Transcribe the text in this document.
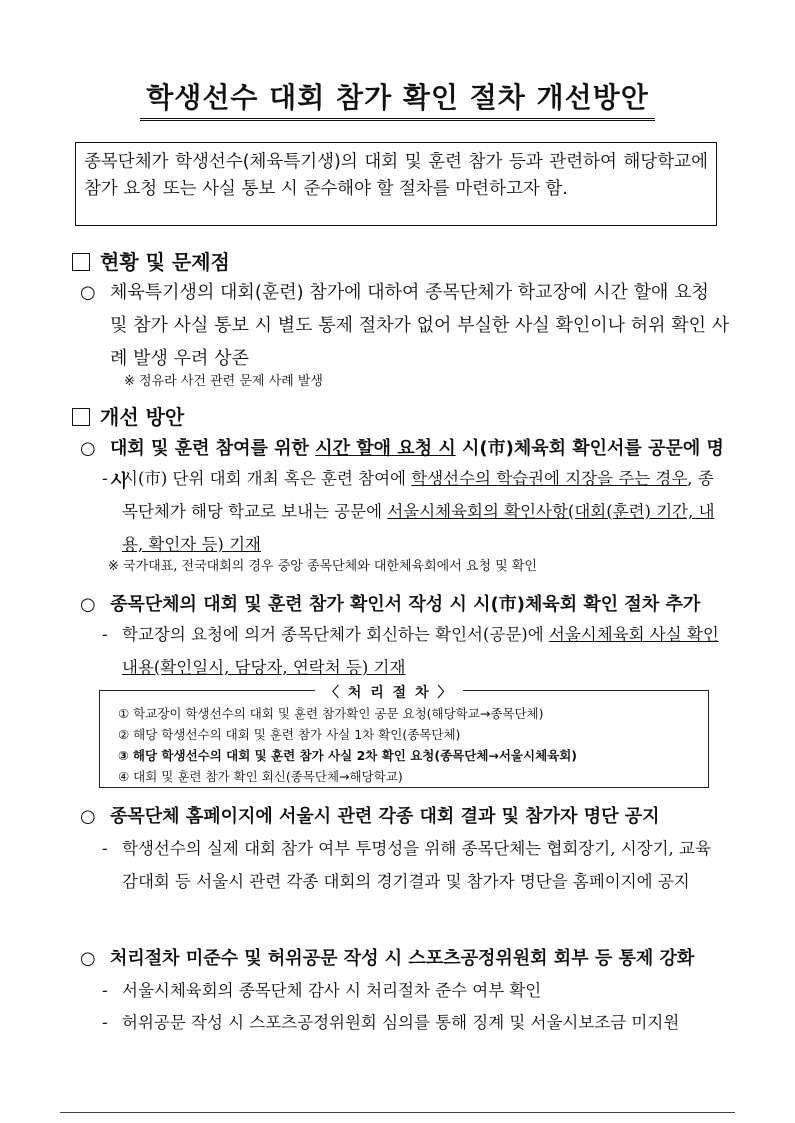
학생선수 대회 참가 확인 절차 개선방안
종목단체가 학생선수(체육특기생)의 대회 및 훈련 참가 등과 관련하여 해당학교에 참가 요청 또는 사실 통보 시 준수해야 할 절차를 마련하고자 함.
현황 및 문제점
○ 체육특기생의 대회(훈련) 참가에 대하여 종목단체가 학교장에 시간 할애 요청 및 참가 사실 통보 시 별도 통제 절차가 없어 부실한 사실 확인이나 허위 확인 사례 발생 우려 상존
※ 정유라 사건 관련 문제 사례 발생
개선 방안
○ 대회 및 훈련 참여를 위한 시간 할애 요청 시 시(市)체육회 확인서를 공문에 명시
- 시(市) 단위 대회 개최 혹은 훈련 참여에 학생선수의 학습권에 지장을 주는 경우, 종목단체가 해당 학교로 보내는 공문에 서울시체육회의 확인사항(대회(훈련) 기간, 내용, 확인자 등) 기재
※ 국가대표, 전국대회의 경우 중앙 종목단체와 대한체육회에서 요청 및 확인
○ 종목단체의 대회 및 훈련 참가 확인서 작성 시 시(市)체육회 확인 절차 추가
- 학교장의 요청에 의거 종목단체가 회신하는 확인서(공문)에 서울시체육회 사실 확인내용(확인일시, 담당자, 연락처 등) 기재
〈 처 리 절 차 〉
① 학교장이 학생선수의 대회 및 훈련 참가확인 공문 요청(해당학교→종목단체)
② 해당 학생선수의 대회 및 훈련 참가 사실 1차 확인(종목단체)
③ 해당 학생선수의 대회 및 훈련 참가 사실 2차 확인 요청(종목단체→서울시체육회)
④ 대회 및 훈련 참가 확인 회신(종목단체→해당학교)
○ 종목단체 홈페이지에 서울시 관련 각종 대회 결과 및 참가자 명단 공지
- 학생선수의 실제 대회 참가 여부 투명성을 위해 종목단체는 협회장기, 시장기, 교육감대회 등 서울시 관련 각종 대회의 경기결과 및 참가자 명단을 홈페이지에 공지
○ 처리절차 미준수 및 허위공문 작성 시 스포츠공정위원회 회부 등 통제 강화
- 서울시체육회의 종목단체 감사 시 처리절차 준수 여부 확인
- 허위공문 작성 시 스포츠공정위원회 심의를 통해 징계 및 서울시보조금 미지원
